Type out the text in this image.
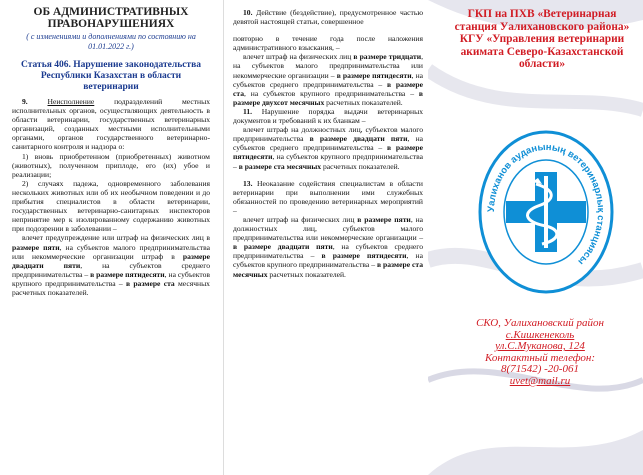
ОБ АДМИНИСТРАТИВНЫХ ПРАВОНАРУШЕНИЯХ
( с изменениями и дополнениями по состоянию на 01.01.2022 г.)
Статья 406. Нарушение законодательства Республики Казахстан в области ветеринарии

9.	Неисполнение подразделений местных исполнительных органов, осуществляющих деятельность в области ветеринарии, государственных ветеринарных организаций, созданных местными исполнительными органами, органов государственного ветеринарно-санитарного контроля и надзора о:

1) вновь приобретенном (приобретенных) животном (животных), полученном приплоде, его (их) убое и реализации;

2) случаях падежа, одновременного заболевания нескольких животных или об их необычном поведении и до прибытия специалистов в области ветеринарии, государственных ветеринарно-санитарных инспекторов непринятие мер к изолированному содержанию животных при подозрении в заболевании –

влечет предупреждение или штраф на физических лиц в размере пяти, на субъектов малого предпринимательства или некоммерческие организации штраф в размере двадцати пяти, на субъектов среднего предпринимательства – в размере пятидесяти, на субъектов крупного предпринимательства – в размере ста месячных расчетных показателей.

10. Действие (бездействие), предусмотренное частью девятой настоящей статьи, совершенное

повторно в течение года после наложения административного взыскания, –

влечет штраф на физических лиц в размере тридцати, на субъектов малого предпринимательства или некоммерческие организации – в размере пятидесяти, на субъектов среднего предпринимательства – в размере ста, на субъектов крупного предпринимательства – в размере двухсот месячных расчетных показателей.

11. Нарушение порядка выдачи ветеринарных документов и требований к их бланкам –

влечет штраф на должностных лиц, субъектов малого предпринимательства в размере двадцати пяти, на субъектов среднего предпринимательства – в размере пятидесяти, на субъектов крупного предпринимательства – в размере ста месячных расчетных показателей.

13. Неоказание содействия специалистам в области ветеринарии при выполнении ими служебных обязанностей по проведению ветеринарных мероприятий –

влечет штраф на физических лиц в размере пяти, на должностных лиц, субъектов малого предпринимательства или некоммерческие организации – в размере двадцати пяти, на субъектов среднего предпринимательства – в размере пятидесяти, на субъектов крупного предпринимательства – в размере ста месячных расчетных показателей.

ГКП на ПХВ «Ветеринарная станция Уалихановского района» КГУ «Управления ветеринарии акимата Северо-Казахстанской области»
Уалиханов ауданының ветеринарлық станциясы
СКО, Уалихановский район
с.Кишкенеколь
ул.С.Муканова, 124
Контактный телефон:
8(71542) -20-061
uvet@mail.ru
